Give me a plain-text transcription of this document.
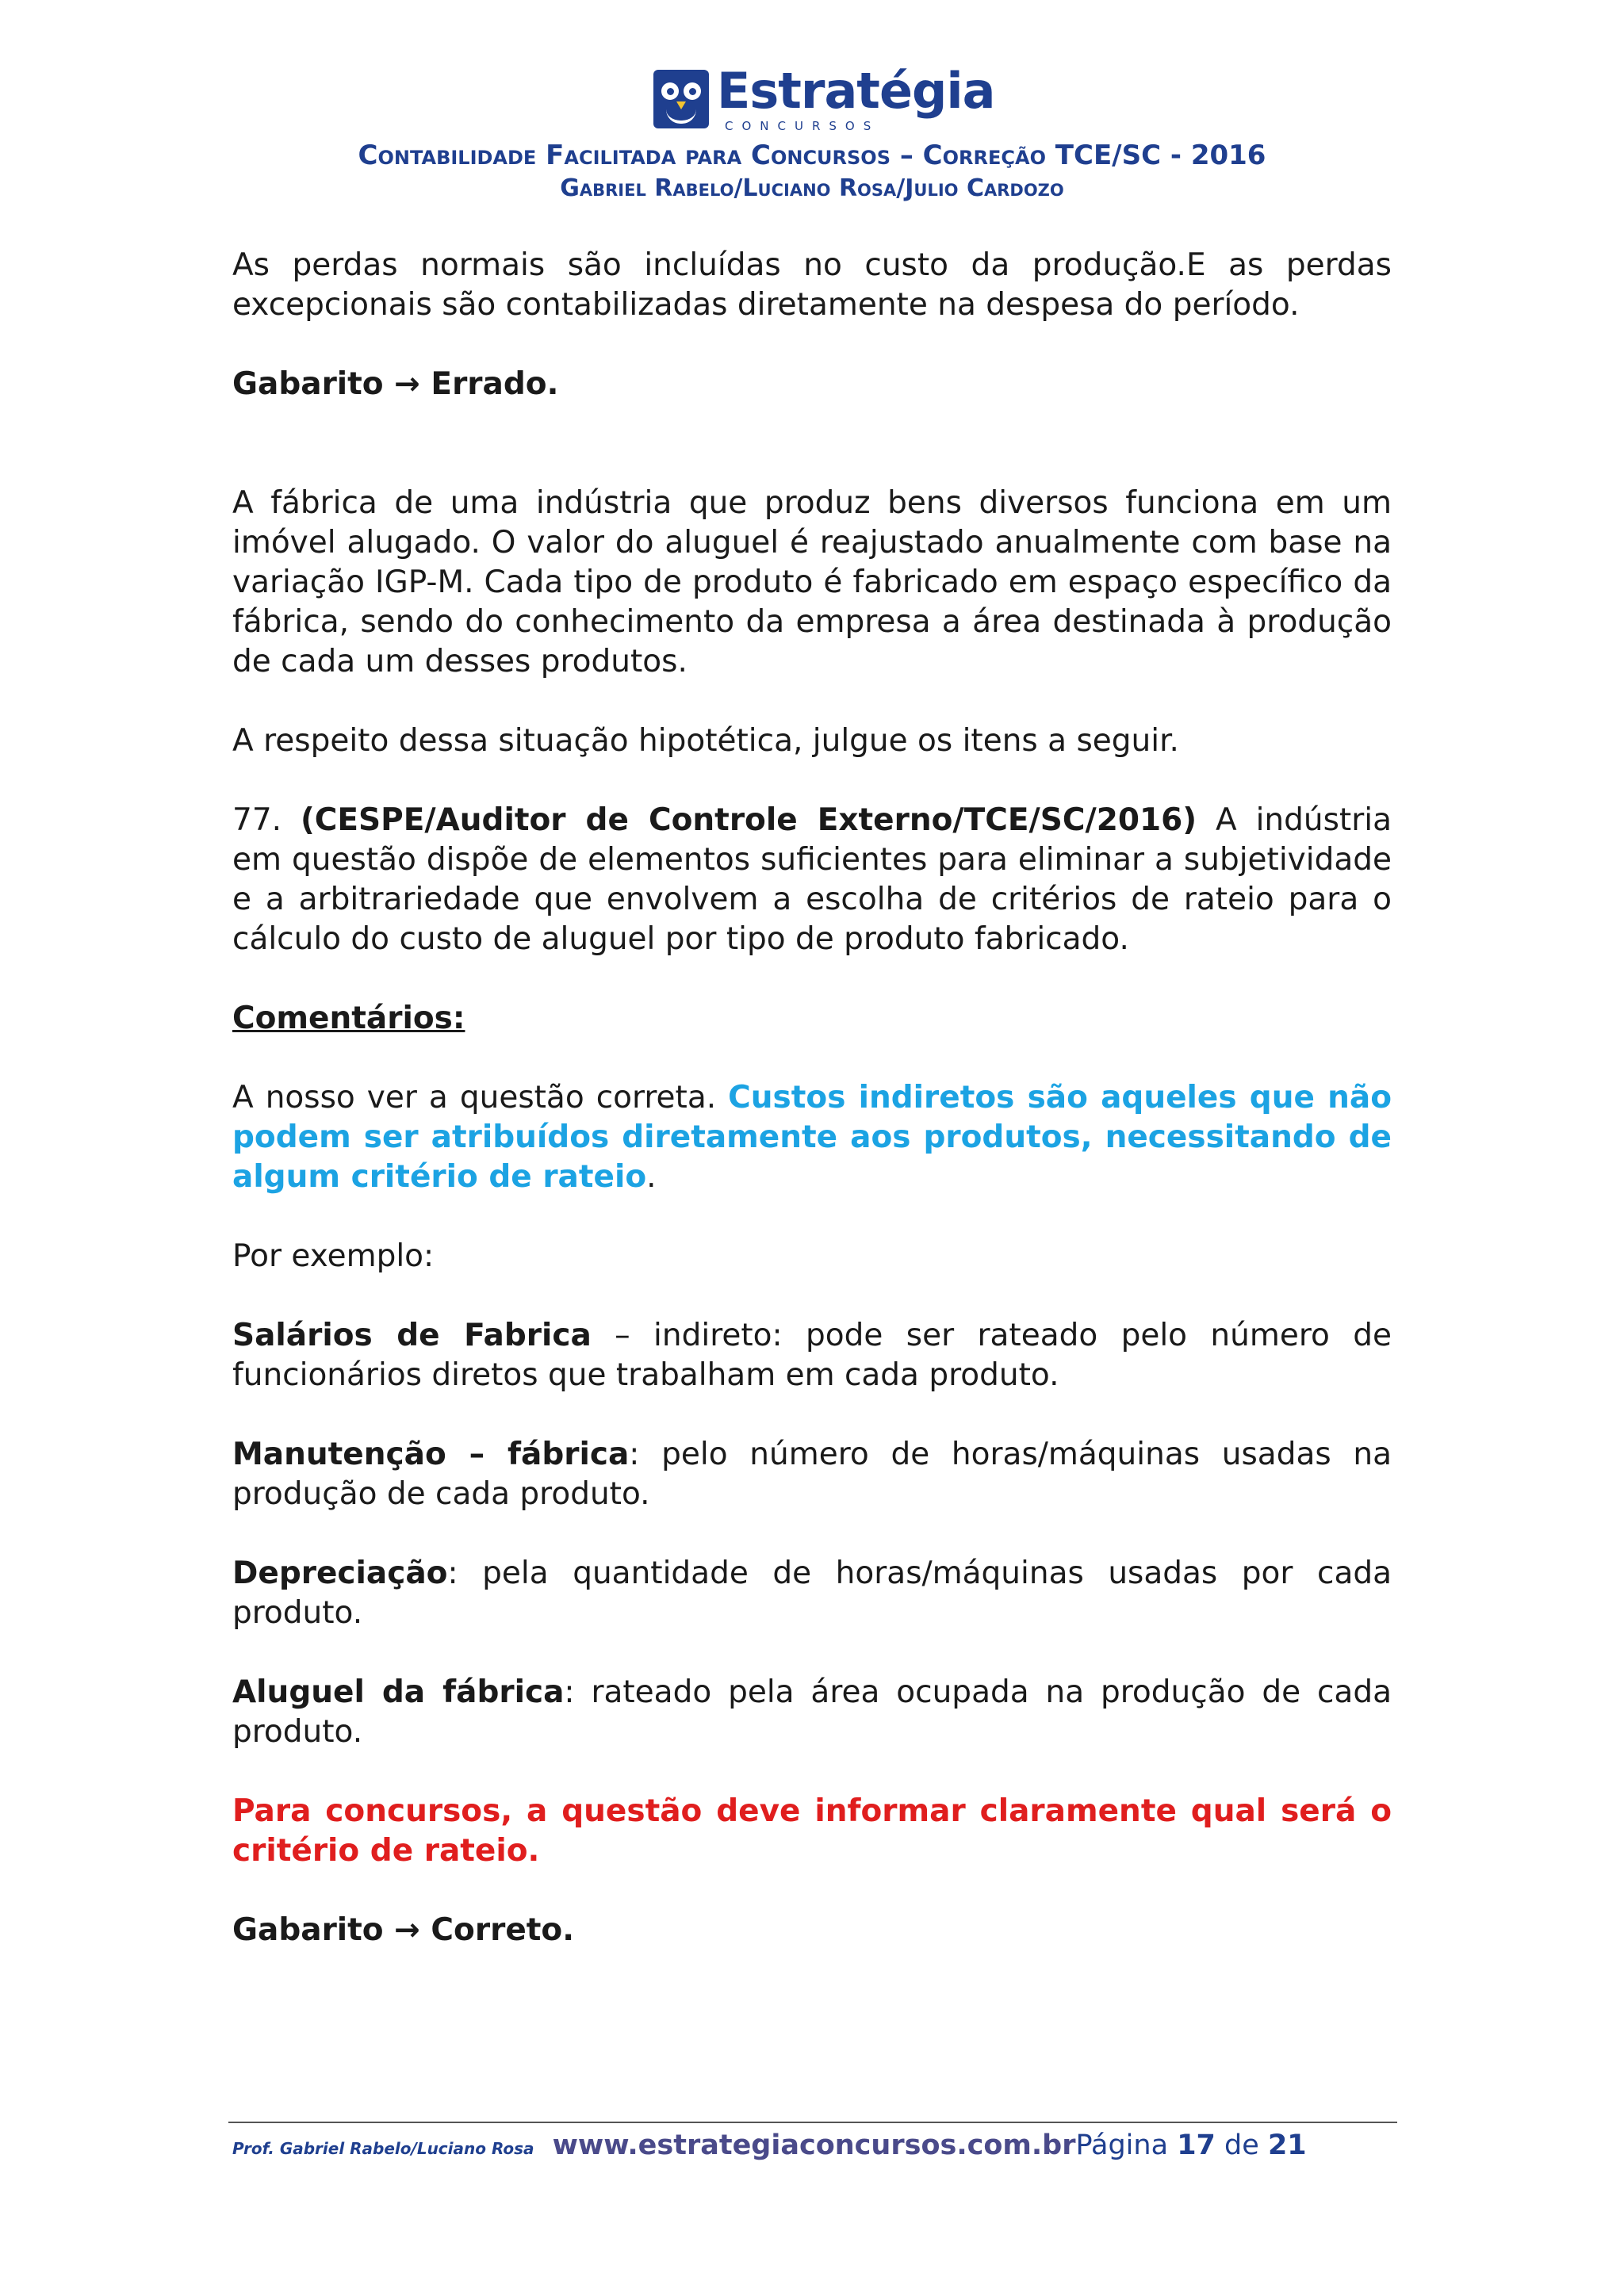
Estratégia
CONCURSOS
Contabilidade Facilitada para Concursos – Correção TCE/SC - 2016
Gabriel Rabelo/Luciano Rosa/Julio Cardozo

As perdas normais são incluídas no custo da produção.E as perdas excepcionais são contabilizadas diretamente na despesa do período.

Gabarito → Errado.

A fábrica de uma indústria que produz bens diversos funciona em um imóvel alugado. O valor do aluguel é reajustado anualmente com base na variação IGP-M. Cada tipo de produto é fabricado em espaço específico da fábrica, sendo do conhecimento da empresa a área destinada à produção de cada um desses produtos.

A respeito dessa situação hipotética, julgue os itens a seguir.

77. (CESPE/Auditor de Controle Externo/TCE/SC/2016) A indústria em questão dispõe de elementos suficientes para eliminar a subjetividade e a arbitrariedade que envolvem a escolha de critérios de rateio para o cálculo do custo de aluguel por tipo de produto fabricado.

Comentários:

A nosso ver a questão correta. Custos indiretos são aqueles que não podem ser atribuídos diretamente aos produtos, necessitando de algum critério de rateio.

Por exemplo:

Salários de Fabrica – indireto: pode ser rateado pelo número de funcionários diretos que trabalham em cada produto.

Manutenção – fábrica: pelo número de horas/máquinas usadas na produção de cada produto.

Depreciação: pela quantidade de horas/máquinas usadas por cada produto.

Aluguel da fábrica: rateado pela área ocupada na produção de cada produto.

Para concursos, a questão deve informar claramente qual será o critério de rateio.

Gabarito → Correto.

Prof. Gabriel Rabelo/Luciano Rosa www.estrategiaconcursos.com.brPágina 17 de 21
